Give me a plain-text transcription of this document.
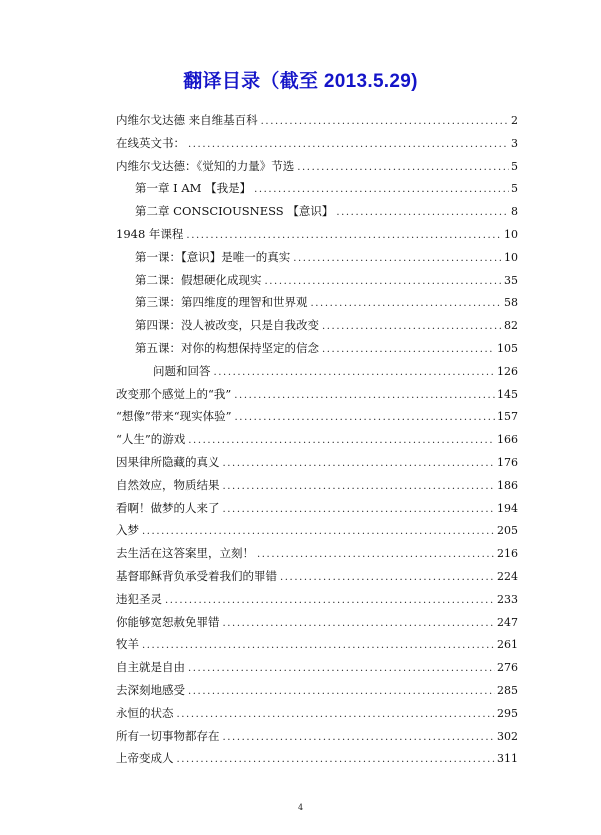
翻译目录（截至 2013.5.29)
内维尔戈达德 来自维基百科 .....	2
在线英文书： .....	3
内维尔戈达德：《觉知的力量》节选 .....	5
第一章 I AM 【我是】 .....	5
第二章 CONSCIOUSNESS 【意识】 .....	8
1948 年课程 .....	10
第一课：【意识】是唯一的真实 .....	10
第二课：假想硬化成现实 .....	35
第三课：第四维度的理智和世界观 .....	58
第四课：没人被改变，只是自我改变 .....	82
第五课：对你的构想保持坚定的信念 .....	105
问题和回答 .....	126
改变那个感觉上的“我” .....	145
“想像”带来“现实体验” .....	157
“人生”的游戏 .....	166
因果律所隐藏的真义 .....	176
自然效应，物质结果 .....	186
看啊！做梦的人来了 .....	194
入梦 .....	205
去生活在这答案里，立刻！ .....	216
基督耶稣背负承受着我们的罪错 .....	224
违犯圣灵 .....	233
你能够宽恕赦免罪错 .....	247
牧羊 .....	261
自主就是自由 .....	276
去深刻地感受 .....	285
永恒的状态 .....	295
所有一切事物都存在 .....	302
上帝变成人 .....	311
4
